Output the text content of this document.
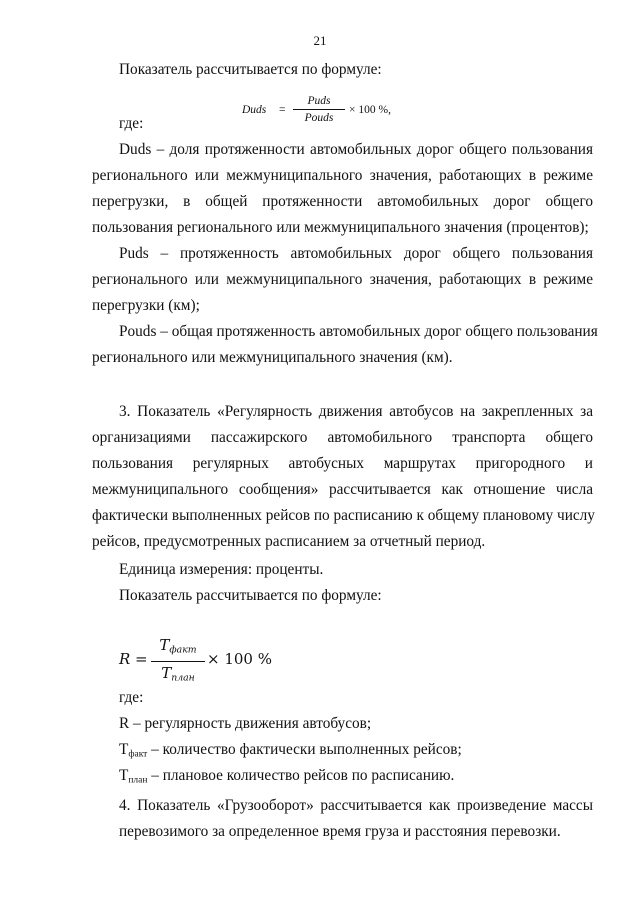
21
Показатель рассчитывается по формуле:
Duds =
Puds
Pouds
× 100 %,
где:
Duds – доля протяженности автомобильных дорог общего пользования
регионального или межмуниципального значения, работающих в режиме
перегрузки, в общей протяженности автомобильных дорог общего
пользования регионального или межмуниципального значения (процентов);
Puds – протяженность автомобильных дорог общего пользования
регионального или межмуниципального значения, работающих в режиме
перегрузки (км);
Pouds – общая протяженность автомобильных дорог общего пользования
регионального или межмуниципального значения (км).
3. Показатель «Регулярность движения автобусов на закрепленных за
организациями пассажирского автомобильного транспорта общего
пользования регулярных автобусных маршрутах пригородного и
межмуниципального сообщения» рассчитывается как отношение числа
фактически выполненных рейсов по расписанию к общему плановому числу
рейсов, предусмотренных расписанием за отчетный период.
Единица измерения: проценты.
Показатель рассчитывается по формуле:
R =
$T_{факт}$
$T_{план}$
× 100 %
где:
R – регулярность движения автобусов;
$Т_{факт}$ – количество фактически выполненных рейсов;
$Т_{план}$ – плановое количество рейсов по расписанию.
4. Показатель «Грузооборот» рассчитывается как произведение массы
перевозимого за определенное время груза и расстояния перевозки.
